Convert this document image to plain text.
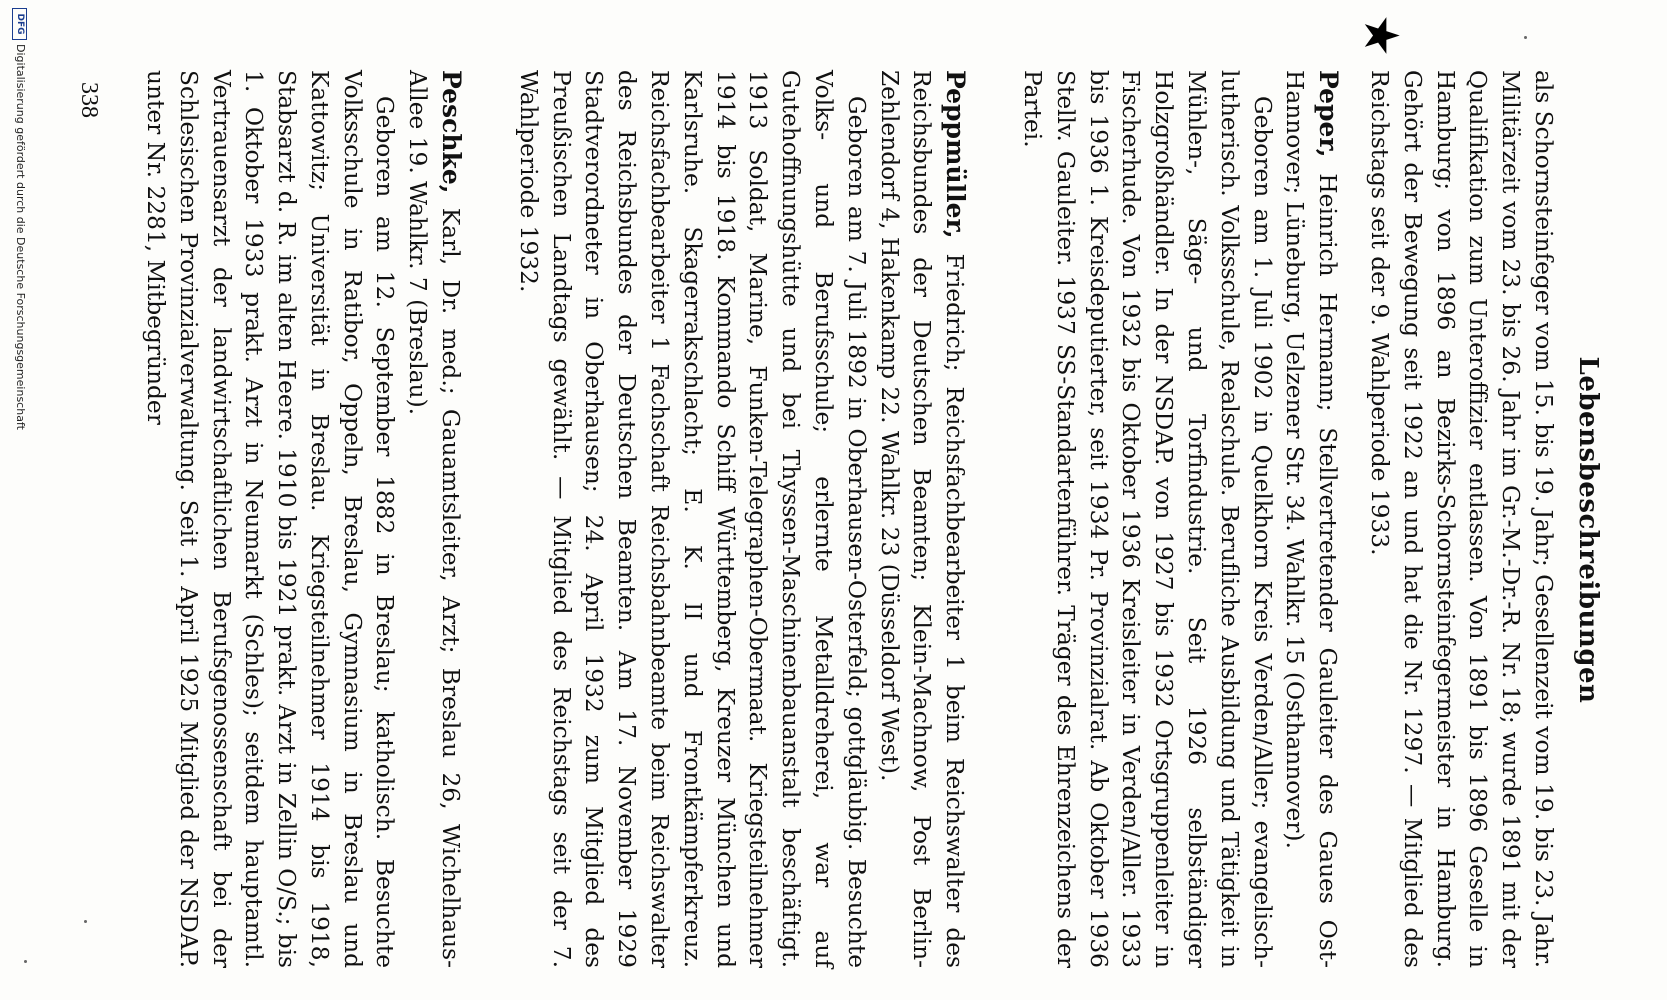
Lebensbeschreibungen
★

als Schornsteinfeger vom 15. bis 19. Jahr; Gesellenzeit vom 19. bis 23. Jahr. Militärzeit vom 23. bis 26. Jahr im Gr.-M.-Dr.-R. Nr. 18; wurde 1891 mit der Qualifikation zum Unteroffizier entlassen. Von 1891 bis 1896 Geselle in Hamburg; von 1896 an Bezirks-Schornsteinfegermeister in Hamburg. Gehört der Bewegung seit 1922 an und hat die Nr. 1297. — Mitglied des Reichstags seit der 9. Wahlperiode 1933.

Peper, Heinrich Hermann; Stellvertretender Gauleiter des Gaues Ost-Hannover; Lüneburg, Uelzener Str. 34. Wahlkr. 15 (Osthannover).

Geboren am 1. Juli 1902 in Quelkhorn Kreis Verden/Aller; evangelisch-lutherisch. Volksschule, Realschule. Berufliche Ausbildung und Tätigkeit in Mühlen-, Säge- und Torfindustrie. Seit 1926 selbständiger Holzgroßhändler. In der NSDAP. von 1927 bis 1932 Ortsgruppenleiter in Fischerhude. Von 1932 bis Oktober 1936 Kreisleiter in Verden/Aller. 1933 bis 1936 1. Kreisdeputierter, seit 1934 Pr. Provinzialrat. Ab Oktober 1936 Stellv. Gauleiter. 1937 SS-Standartenführer. Träger des Ehrenzeichens der Partei.

Peppmüller, Friedrich; Reichsfachbearbeiter 1 beim Reichswalter des Reichsbundes der Deutschen Beamten; Klein-Machnow, Post Berlin-Zehlendorf 4, Hakenkamp 22. Wahlkr. 23 (Düsseldorf West).

Geboren am 7. Juli 1892 in Oberhausen-Osterfeld; gottgläubig. Besuchte Volks- und Berufsschule; erlernte Metalldreherei, war auf Gutehoffnungshütte und bei Thyssen-Maschinenbauanstalt beschäftigt. 1913 Soldat, Marine, Funken-Telegraphen-Obermaat. Kriegsteilnehmer 1914 bis 1918. Kommando Schiff Württemberg, Kreuzer München und Karlsruhe. Skagerrakschlacht; E. K. II und Frontkämpferkreuz. Reichsfachbearbeiter 1 Fachschaft Reichsbahnbeamte beim Reichswalter des Reichsbundes der Deutschen Beamten. Am 17. November 1929 Stadtverordneter in Oberhausen; 24. April 1932 zum Mitglied des Preußischen Landtags gewählt. — Mitglied des Reichstags seit der 7. Wahlperiode 1932.

Peschke, Karl, Dr. med.; Gauamtsleiter, Arzt; Breslau 26, Wichelhaus-Allee 19. Wahlkr. 7 (Breslau).

Geboren am 12. September 1882 in Breslau; katholisch. Besuchte Volksschule in Ratibor, Oppeln, Breslau, Gymnasium in Breslau und Kattowitz; Universität in Breslau. Kriegsteilnehmer 1914 bis 1918, Stabsarzt d. R. im alten Heere. 1910 bis 1921 prakt. Arzt in Zellin O/S.; bis 1. Oktober 1933 prakt. Arzt in Neumarkt (Schles); seitdem hauptamtl. Vertrauensarzt der landwirtschaftlichen Berufsgenossenschaft bei der Schlesischen Provinzialverwaltung. Seit 1. April 1925 Mitglied der NSDAP. unter Nr. 2281, Mitbegründer

338
DFG
Digitalisierung gefördert durch die Deutsche Forschungsgemeinschaft
